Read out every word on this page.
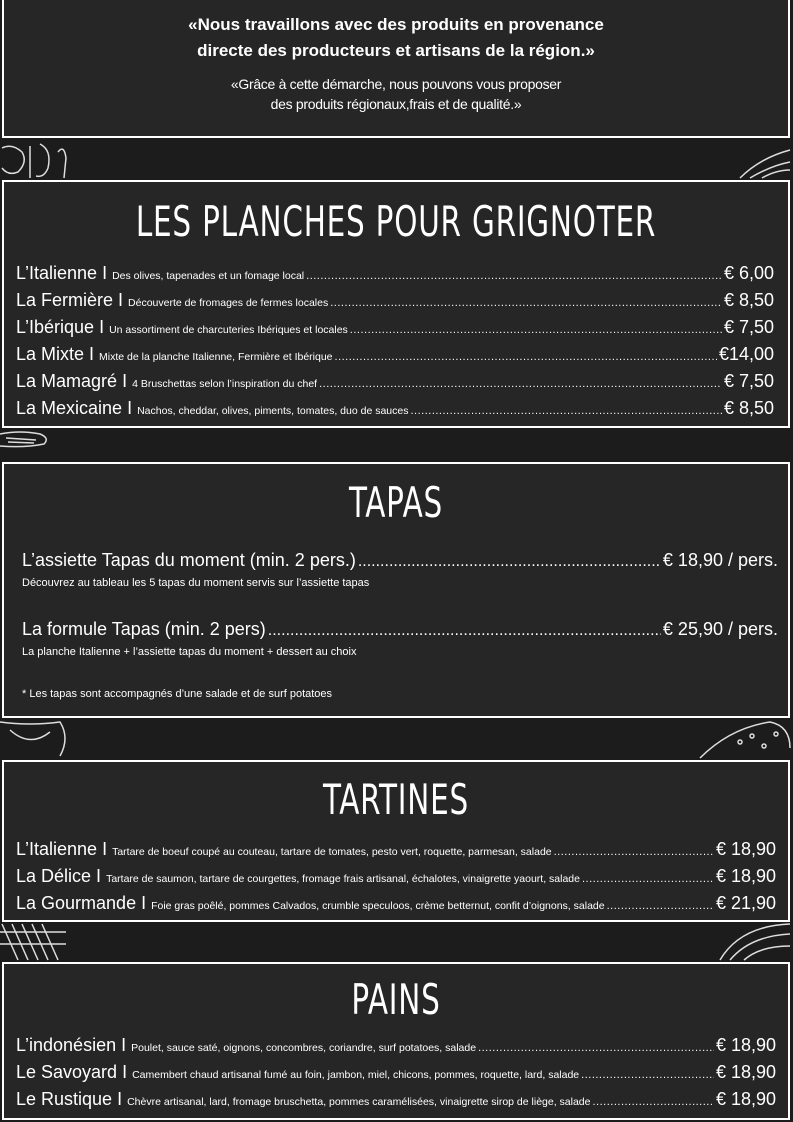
«Nous travaillons avec des produits en provenance
directe des producteurs et artisans de la région.»
«Grâce à cette démarche, nous pouvons vous proposer
des produits régionaux,frais et de qualité.»
LES PLANCHES POUR GRIGNOTER
L’Italienne I Des olives, tapenades et un fomage local .....	€ 6,00
La Fermière I Découverte de fromages de fermes locales .....	€ 8,50
L’Ibérique I Un assortiment de charcuteries Ibériques et locales .....	€ 7,50
La Mixte I Mixte de la planche Italienne, Fermière et Ibérique .....	€14,00
La Mamagré I 4 Bruschettas selon l’inspiration du chef .....	€ 7,50
La Mexicaine I Nachos, cheddar, olives, piments, tomates, duo de sauces .....	€ 8,50
TAPAS
L’assiette Tapas du moment (min. 2 pers.) .....	€ 18,90 / pers.
Découvrez au tableau les 5 tapas du moment servis sur l’assiette tapas
La formule Tapas (min. 2 pers) .....	€ 25,90 / pers.
La planche Italienne + l’assiette tapas du moment + dessert au choix
* Les tapas sont accompagnés d’une salade et de surf potatoes
TARTINES
L’Italienne I Tartare de boeuf coupé au couteau, tartare de tomates, pesto vert, roquette, parmesan, salade .....	€ 18,90
La Délice I Tartare de saumon, tartare de courgettes, fromage frais artisanal, échalotes, vinaigrette yaourt, salade .....	€ 18,90
La Gourmande I Foie gras poêlé, pommes Calvados, crumble speculoos, crème betternut, confit d’oignons, salade .....	€ 21,90
PAINS
L’indonésien I Poulet, sauce saté, oignons, concombres, coriandre, surf potatoes, salade .....	€ 18,90
Le Savoyard I Camembert chaud artisanal fumé au foin, jambon, miel, chicons, pommes, roquette, lard, salade .....	€ 18,90
Le Rustique I Chèvre artisanal, lard, fromage bruschetta, pommes caramélisées, vinaigrette sirop de liège, salade .....	€ 18,90
